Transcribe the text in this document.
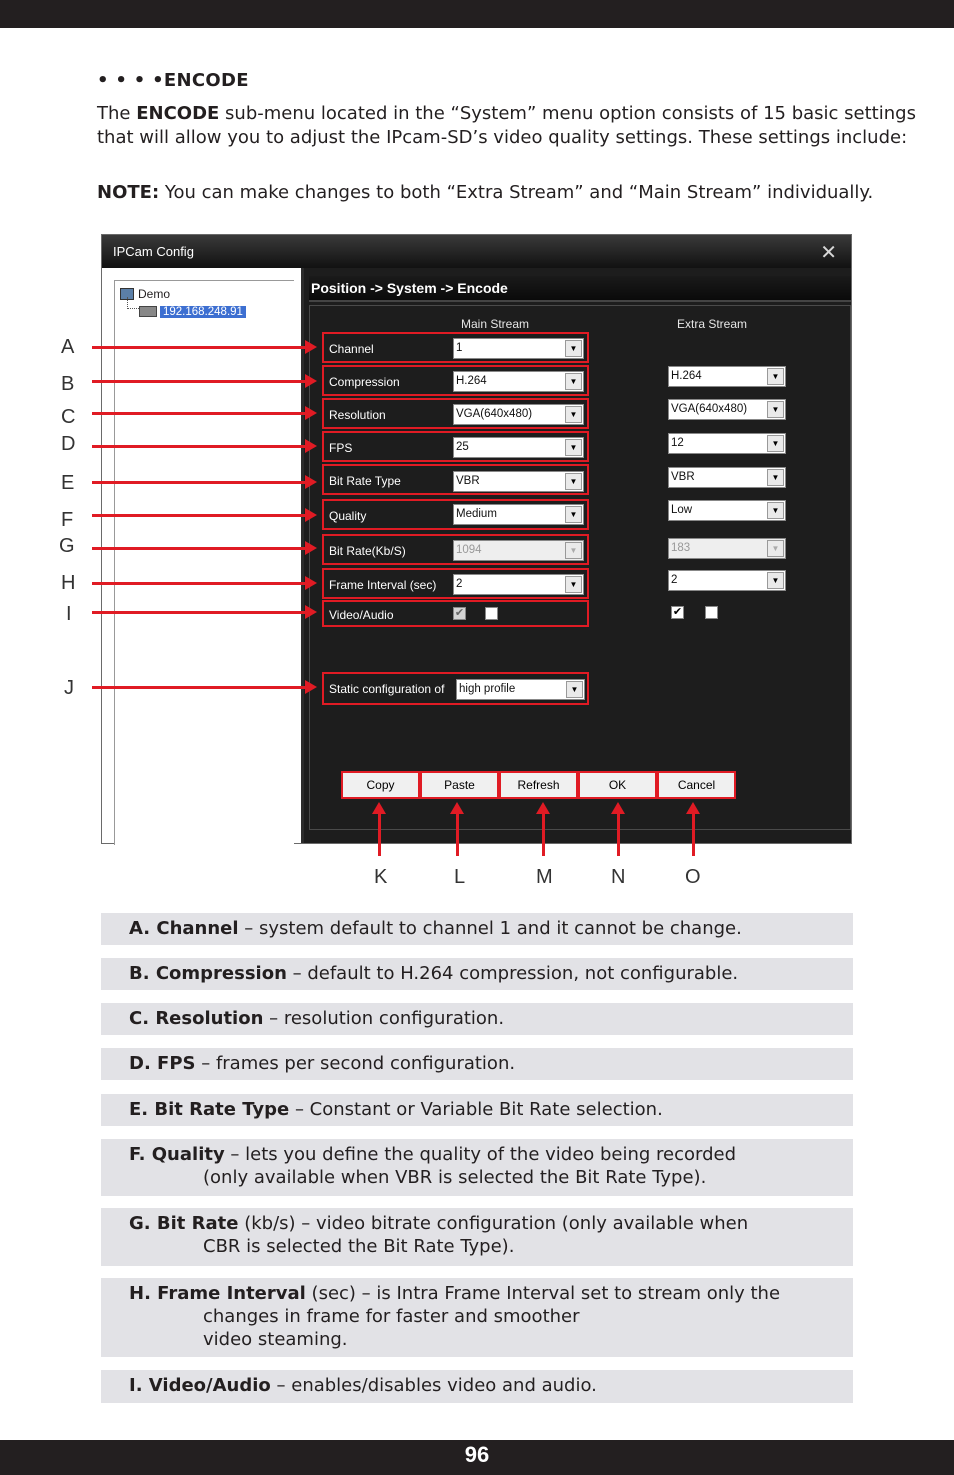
• • • •ENCODE
The ENCODE sub-menu located in the “System” menu option consists of 15 basic settings that will allow you to adjust the IPcam-SD’s video quality settings. These settings include:
NOTE: You can make changes to both “Extra Stream” and “Main Stream” individually.
IPCam Config	✕
Demo
192.168.248.91
Position -> System -> Encode
Main Stream	Extra Stream
Channel	1	▼
Compression	H.264	▼	H.264	▼
Resolution	VGA(640x480)	▼	VGA(640x480)	▼
FPS	25	▼	12	▼
Bit Rate Type	VBR	▼	VBR	▼
Quality	Medium	▼	Low	▼
Bit Rate(Kb/S)	1094	▼	183	▼
Frame Interval (sec) 2	▼	2	▼
Video/Audio	✔	✔
Static configuration of high profile	▼
Copy	Paste	Refresh	OK	Cancel
A
B
C
D
E
F
G
H
I
J
K	L	M	N	O
A. Channel – system default to channel 1 and it cannot be change.
B. Compression – default to H.264 compression, not configurable.
C. Resolution – resolution configuration.
D. FPS – frames per second configuration.
E. Bit Rate Type – Constant or Variable Bit Rate selection.
F. Quality – lets you define the quality of the video being recorded
(only available when VBR is selected the Bit Rate Type).
G. Bit Rate (kb/s) – video bitrate configuration (only available when
CBR is selected the Bit Rate Type).
H. Frame Interval (sec) – is Intra Frame Interval set to stream only the
changes in frame for faster and smoother
video steaming.
I. Video/Audio – enables/disables video and audio.
96
